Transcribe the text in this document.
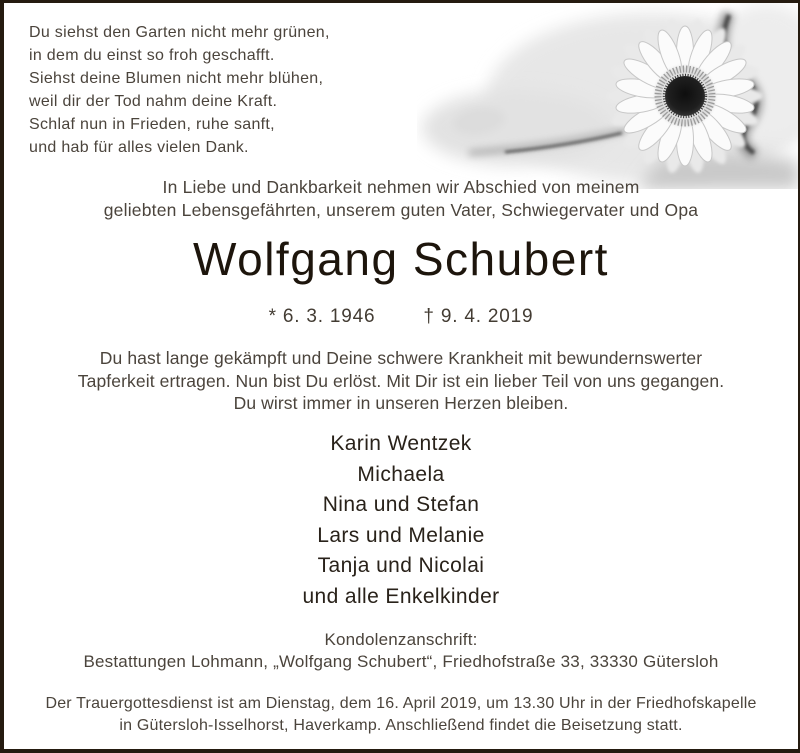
Du siehst den Garten nicht mehr grünen,
in dem du einst so froh geschafft.
Siehst deine Blumen nicht mehr blühen,
weil dir der Tod nahm deine Kraft.
Schlaf nun in Frieden, ruhe sanft,
und hab für alles vielen Dank.
In Liebe und Dankbarkeit nehmen wir Abschied von meinem
geliebten Lebensgefährten, unserem guten Vater, Schwiegervater und Opa
Wolfgang Schubert
* 6. 3. 1946	† 9. 4. 2019
Du hast lange gekämpft und Deine schwere Krankheit mit bewundernswerter
Tapferkeit ertragen. Nun bist Du erlöst. Mit Dir ist ein lieber Teil von uns gegangen.
Du wirst immer in unseren Herzen bleiben.
Karin Wentzek
Michaela
Nina und Stefan
Lars und Melanie
Tanja und Nicolai
und alle Enkelkinder
Kondolenzanschrift:
Bestattungen Lohmann, „Wolfgang Schubert“, Friedhofstraße 33, 33330 Gütersloh
Der Trauergottesdienst ist am Dienstag, dem 16. April 2019, um 13.30 Uhr in der Friedhofskapelle
in Gütersloh-Isselhorst, Haverkamp. Anschließend findet die Beisetzung statt.
